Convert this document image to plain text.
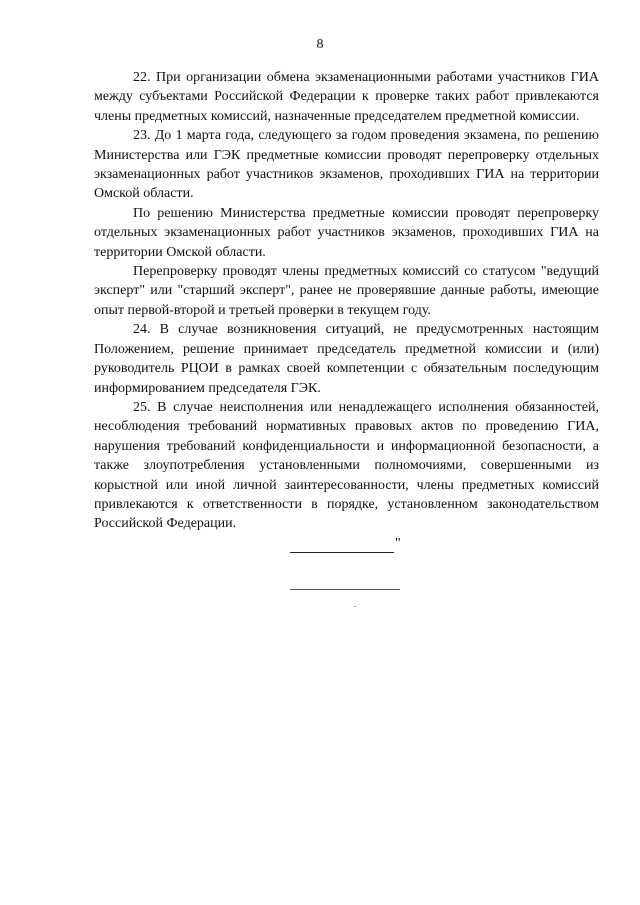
8

22. При организации обмена экзаменационными работами участников ГИА между субъектами Российской Федерации к проверке таких работ привлекаются члены предметных комиссий, назначенные председателем предметной комиссии.

23. До 1 марта года, следующего за годом проведения экзамена, по решению Министерства или ГЭК предметные комиссии проводят перепроверку отдельных экзаменационных работ участников экзаменов, проходивших ГИА на территории Омской области.

По решению Министерства предметные комиссии проводят перепроверку отдельных экзаменационных работ участников экзаменов, проходивших ГИА на территории Омской области.

Перепроверку проводят члены предметных комиссий со статусом "ведущий эксперт" или "старший эксперт", ранее не проверявшие данные работы, имеющие опыт первой-второй и третьей проверки в текущем году.

24. В случае возникновения ситуаций, не предусмотренных настоящим Положением, решение принимает председатель предметной комиссии и (или) руководитель РЦОИ в рамках своей компетенции с обязательным последующим информированием председателя ГЭК.

25. В случае неисполнения или ненадлежащего исполнения обязанностей, несоблюдения требований нормативных правовых актов по проведению ГИА, нарушения требований конфиденциальности и информационной безопасности, а также злоупотребления установленными полномочиями, совершенными из корыстной или иной личной заинтересованности, члены предметных комиссий привлекаются к ответственности в порядке, установленном законодательством Российской Федерации.

"
